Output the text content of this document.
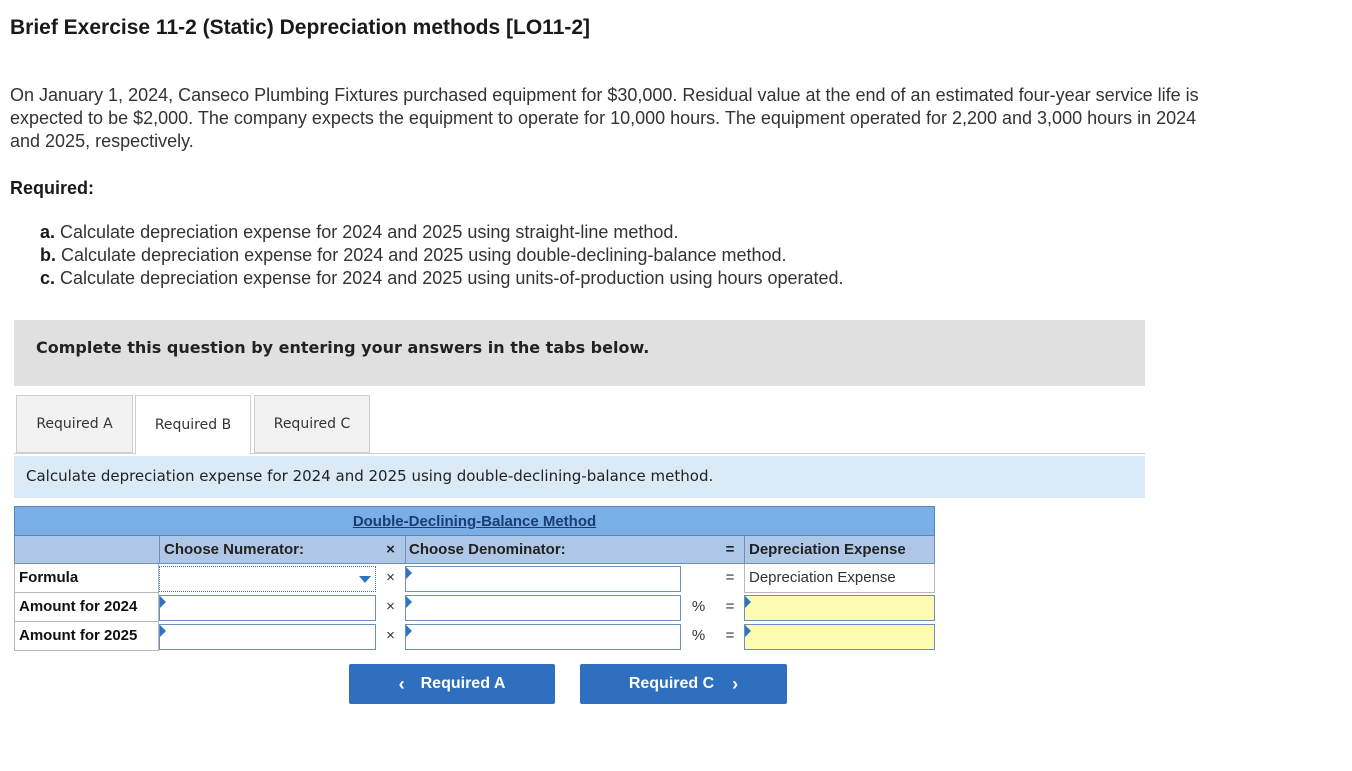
Brief Exercise 11-2 (Static) Depreciation methods [LO11-2]
On January 1, 2024, Canseco Plumbing Fixtures purchased equipment for $30,000. Residual value at the end of an estimated four-year service life is expected to be $2,000. The company expects the equipment to operate for 10,000 hours. The equipment operated for 2,200 and 3,000 hours in 2024 and 2025, respectively.
Required:
a. Calculate depreciation expense for 2024 and 2025 using straight-line method.
b. Calculate depreciation expense for 2024 and 2025 using double-declining-balance method.
c. Calculate depreciation expense for 2024 and 2025 using units-of-production using hours operated.
Complete this question by entering your answers in the tabs below.
Required A	Required B	Required C
Calculate depreciation expense for 2024 and 2025 using double-declining-balance method.
Double-Declining-Balance Method
Choose Numerator:	× Choose Denominator:	= Depreciation Expense
Formula	×	= Depreciation Expense
Amount for 2024	×	%	=
Amount for 2025	×	%	=
‹ Required A	Required C ›
